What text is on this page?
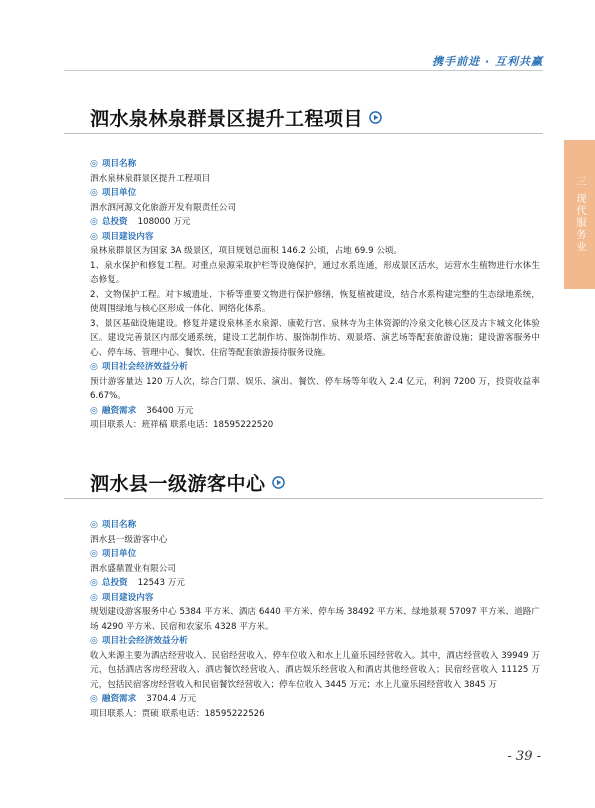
携手前进 · 互利共赢
三 现代服务业
泗水泉林泉群景区提升工程项目
◎ 项目名称
泗水泉林泉群景区提升工程项目
◎ 项目单位
泗水泗河源文化旅游开发有限责任公司
◎ 总投资 108000 万元
◎ 项目建设内容
泉林泉群景区为国家 3A 级景区，项目规划总面积 146.2 公顷，占地 69.9 公顷。
1、泉水保护和修复工程。对重点泉源采取护栏等设施保护，通过水系连通，形成景区活水，运营水生植物进行水体生态修复。
2、文物保护工程。对卞城遗址、卞桥等重要文物进行保护修缮，恢复植被建设，结合水系构建完整的生态绿地系统，使周围绿地与核心区形成一体化、网络化体系。
3、景区基础设施建设。修复并建设泉林圣水泉源、康乾行宫、泉林寺为主体资源的冷泉文化核心区及古卞城文化体验区。建设完善景区内部交通系统，建设工艺制作坊、服饰制作坊、观景塔、演艺场等配套旅游设施；建设游客服务中心、停车场、管理中心、餐饮、住宿等配套旅游接待服务设施。
◎ 项目社会经济效益分析
预计游客量达 120 万人次，综合门票、娱乐、演出、餐饮、停车场等年收入 2.4 亿元，利润 7200 万，投资收益率 6.67%。
◎ 融资需求 36400 万元
项目联系人：班祥稿 联系电话：18595222520
泗水县一级游客中心
◎ 项目名称
泗水县一级游客中心
◎ 项目单位
泗水盛鼎置业有限公司
◎ 总投资 12543 万元
◎ 项目建设内容
规划建设游客服务中心 5384 平方米、酒店 6440 平方米、停车场 38492 平方米、绿地景观 57097 平方米、道路广场 4290 平方米、民宿和农家乐 4328 平方米。
◎ 项目社会经济效益分析
收入来源主要为酒店经营收入、民宿经营收入、停车位收入和水上儿童乐园经营收入。其中，酒店经营收入 39949 万元，包括酒店客房经营收入、酒店餐饮经营收入、酒店娱乐经营收入和酒店其他经营收入；民宿经营收入 11125 万元，包括民宿客房经营收入和民宿餐饮经营收入；停车位收入 3445 万元；水上儿童乐园经营收入 3845 万
◎ 融资需求 3704.4 万元
项目联系人：贾硕 联系电话：18595222526
- 39 -
